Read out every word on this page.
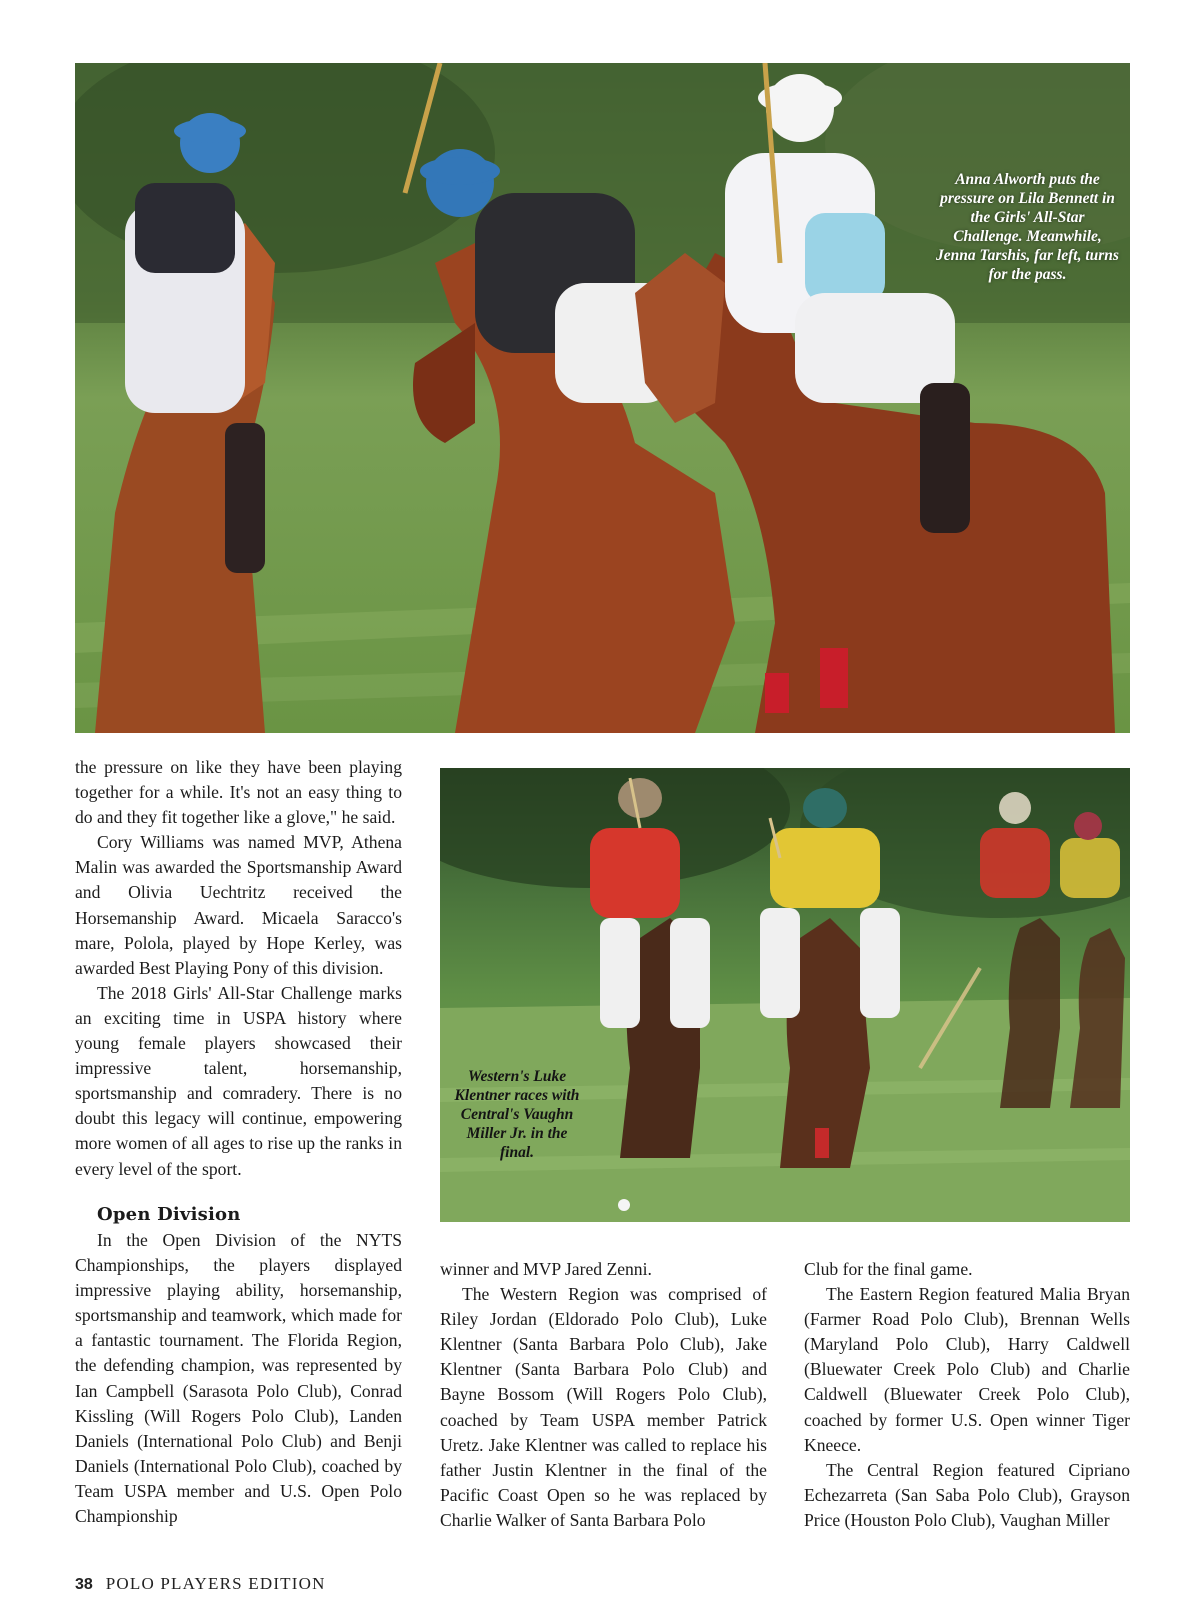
Anna Alworth puts the pressure on Lila Bennett in the Girls' All-Star Challenge. Meanwhile, Jenna Tarshis, far left, turns for the pass.
Western's Luke Klentner races with Central's Vaughn Miller Jr. in the final.

the pressure on like they have been playing together for a while. It's not an easy thing to do and they fit together like a glove," he said.

Cory Williams was named MVP, Athena Malin was awarded the Sportsmanship Award and Olivia Uechtritz received the Horsemanship Award. Micaela Saracco's mare, Polola, played by Hope Kerley, was awarded Best Playing Pony of this division.

The 2018 Girls' All-Star Challenge marks an exciting time in USPA history where young female players showcased their impressive talent, horsemanship, sportsmanship and comradery. There is no doubt this legacy will continue, empowering more women of all ages to rise up the ranks in every level of the sport.

Open Division

In the Open Division of the NYTS Championships, the players displayed impressive playing ability, horsemanship, sportsmanship and teamwork, which made for a fantastic tournament. The Florida Region, the defending champion, was represented by Ian Campbell (Sarasota Polo Club), Conrad Kissling (Will Rogers Polo Club), Landen Daniels (International Polo Club) and Benji Daniels (International Polo Club), coached by Team USPA member and U.S. Open Polo Championship

winner and MVP Jared Zenni.

The Western Region was comprised of Riley Jordan (Eldorado Polo Club), Luke Klentner (Santa Barbara Polo Club), Jake Klentner (Santa Barbara Polo Club) and Bayne Bossom (Will Rogers Polo Club), coached by Team USPA member Patrick Uretz. Jake Klentner was called to replace his father Justin Klentner in the final of the Pacific Coast Open so he was replaced by Charlie Walker of Santa Barbara Polo

Club for the final game.

The Eastern Region featured Malia Bryan (Farmer Road Polo Club), Brennan Wells (Maryland Polo Club), Harry Caldwell (Bluewater Creek Polo Club) and Charlie Caldwell (Bluewater Creek Polo Club), coached by former U.S. Open winner Tiger Kneece.

The Central Region featured Cipriano Echezarreta (San Saba Polo Club), Grayson Price (Houston Polo Club), Vaughan Miller

38 POLO PLAYERS EDITION
